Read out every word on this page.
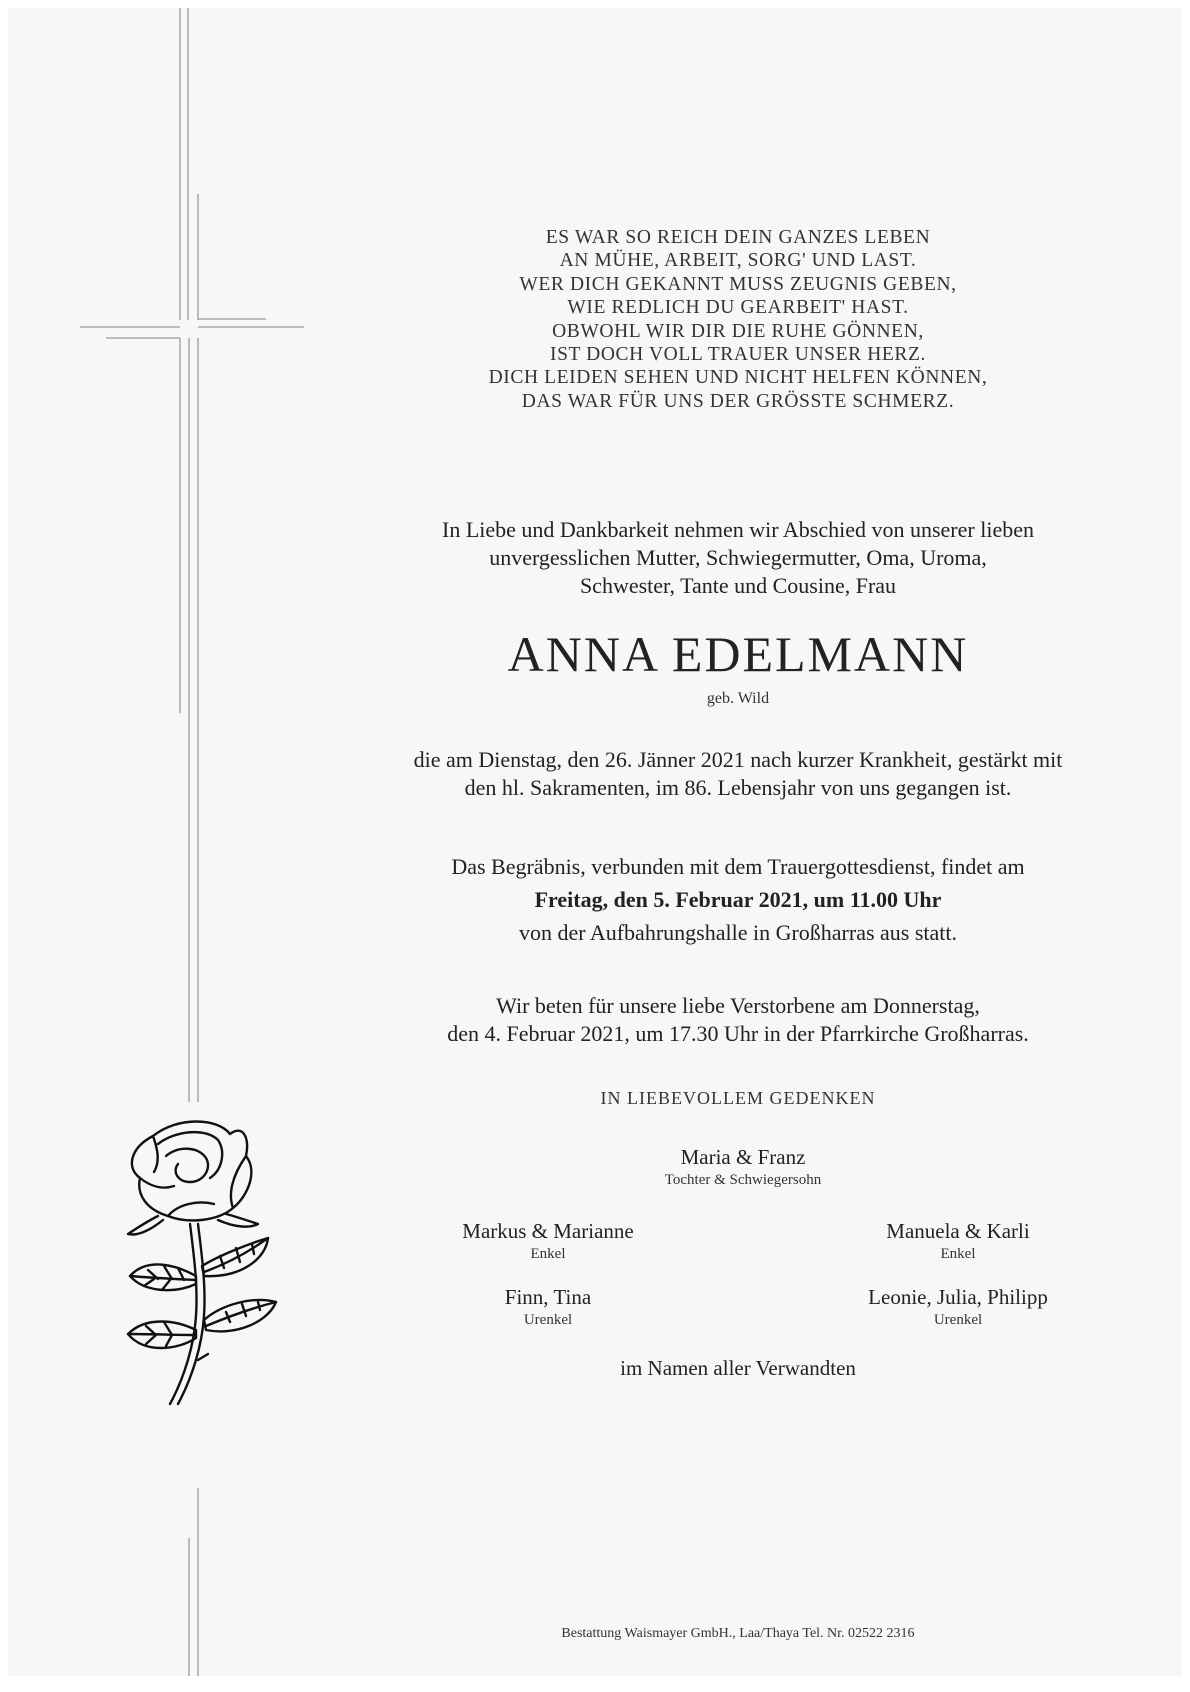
ES WAR SO REICH DEIN GANZES LEBEN
AN MÜHE, ARBEIT, SORG' UND LAST.
WER DICH GEKANNT MUSS ZEUGNIS GEBEN,
WIE REDLICH DU GEARBEIT' HAST.
OBWOHL WIR DIR DIE RUHE GÖNNEN,
IST DOCH VOLL TRAUER UNSER HERZ.
DICH LEIDEN SEHEN UND NICHT HELFEN KÖNNEN,
DAS WAR FÜR UNS DER GRÖSSTE SCHMERZ.
In Liebe und Dankbarkeit nehmen wir Abschied von unserer lieben
unvergesslichen Mutter, Schwiegermutter, Oma, Uroma,
Schwester, Tante und Cousine, Frau
ANNA EDELMANN
geb. Wild
die am Dienstag, den 26. Jänner 2021 nach kurzer Krankheit, gestärkt mit
den hl. Sakramenten, im 86. Lebensjahr von uns gegangen ist.
Das Begräbnis, verbunden mit dem Trauergottesdienst, findet am
Freitag, den 5. Februar 2021, um 11.00 Uhr
von der Aufbahrungshalle in Großharras aus statt.
Wir beten für unsere liebe Verstorbene am Donnerstag,
den 4. Februar 2021, um 17.30 Uhr in der Pfarrkirche Großharras.
IN LIEBEVOLLEM GEDENKEN
Maria & Franz
Tochter & Schwiegersohn
Markus & Marianne
Enkel
Manuela & Karli
Enkel
Finn, Tina
Urenkel
Leonie, Julia, Philipp
Urenkel
im Namen aller Verwandten
Bestattung Waismayer GmbH., Laa/Thaya Tel. Nr. 02522 2316
